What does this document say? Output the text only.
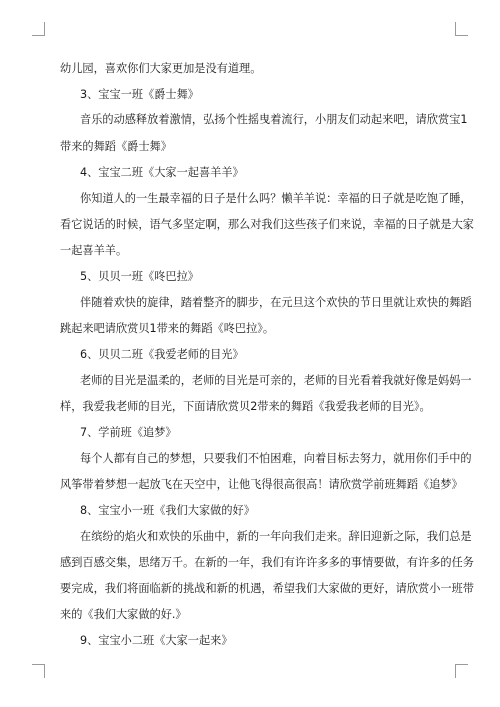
幼儿园，喜欢你们大家更加是没有道理。
3、宝宝一班《爵士舞》
音乐的动感释放着激情，弘扬个性摇曳着流行，小朋友们动起来吧，请欣赏宝1
带来的舞蹈《爵士舞》
4、宝宝二班《大家一起喜羊羊》
你知道人的一生最幸福的日子是什么吗？懒羊羊说：幸福的日子就是吃饱了睡，
看它说话的时候，语气多坚定啊，那么对我们这些孩子们来说，幸福的日子就是大家
一起喜羊羊。
5、贝贝一班《咚巴拉》
伴随着欢快的旋律，踏着整齐的脚步，在元旦这个欢快的节日里就让欢快的舞蹈
跳起来吧请欣赏贝1带来的舞蹈《咚巴拉》。
6、贝贝二班《我爱老师的目光》
老师的目光是温柔的，老师的目光是可亲的，老师的目光看着我就好像是妈妈一
样，我爱我老师的目光，下面请欣赏贝2带来的舞蹈《我爱我老师的目光》。
7、学前班《追梦》
每个人都有自己的梦想，只要我们不怕困难，向着目标去努力，就用你们手中的
风筝带着梦想一起放飞在天空中，让他飞得很高很高！请欣赏学前班舞蹈《追梦》
8、宝宝小一班《我们大家做的好》
在缤纷的焰火和欢快的乐曲中，新的一年向我们走来。辞旧迎新之际，我们总是
感到百感交集，思绪万千。在新的一年，我们有许许多多的事情要做，有许多的任务
要完成，我们将面临新的挑战和新的机遇，希望我们大家做的更好，请欣赏小一班带
来的《我们大家做的好.》
9、宝宝小二班《大家一起来》
